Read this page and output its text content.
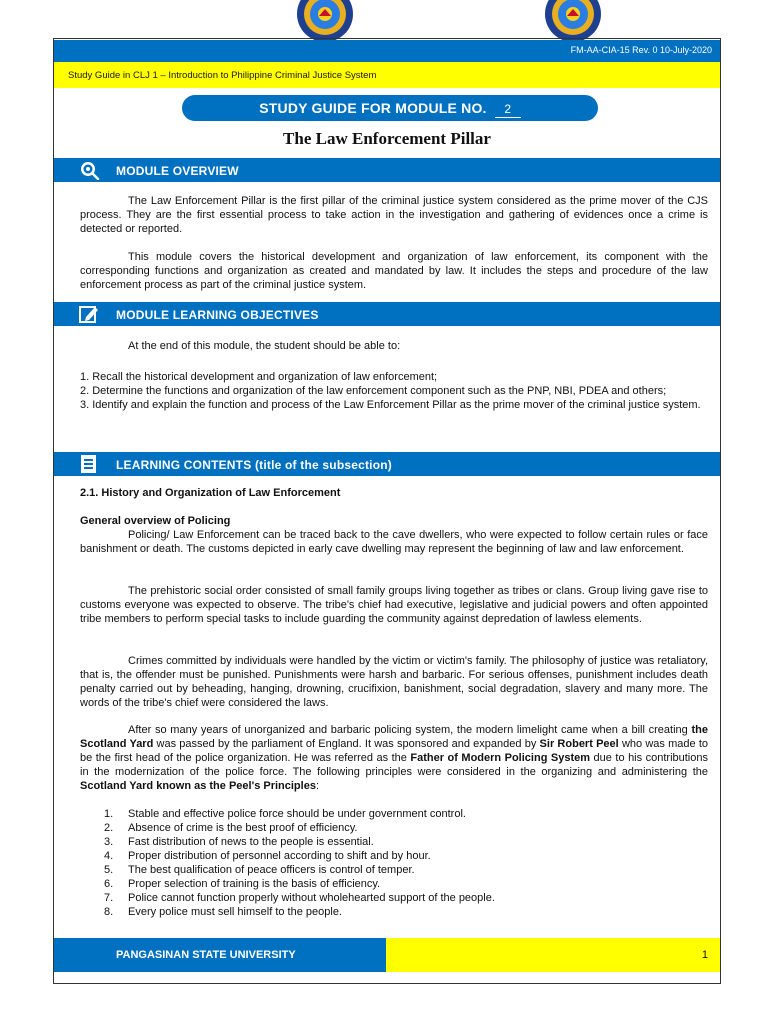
FM-AA-CIA-15 Rev. 0 10-July-2020
Study Guide in CLJ 1 – Introduction to Philippine Criminal Justice System
STUDY GUIDE FOR MODULE NO. 2
The Law Enforcement Pillar
MODULE OVERVIEW

The Law Enforcement Pillar is the first pillar of the criminal justice system considered as the prime mover of the CJS process. They are the first essential process to take action in the investigation and gathering of evidences once a crime is detected or reported.

This module covers the historical development and organization of law enforcement, its component with the corresponding functions and organization as created and mandated by law. It includes the steps and procedure of the law enforcement process as part of the criminal justice system.

MODULE LEARNING OBJECTIVES

At the end of this module, the student should be able to:

1. Recall the historical development and organization of law enforcement;
2. Determine the functions and organization of the law enforcement component such as the PNP, NBI, PDEA and others;
3. Identify and explain the function and process of the Law Enforcement Pillar as the prime mover of the criminal justice system.
LEARNING CONTENTS (title of the subsection)

2.1. History and Organization of Law Enforcement

General overview of Policing

Policing/ Law Enforcement can be traced back to the cave dwellers, who were expected to follow certain rules or face banishment or death. The customs depicted in early cave dwelling may represent the beginning of law and law enforcement.

The prehistoric social order consisted of small family groups living together as tribes or clans. Group living gave rise to customs everyone was expected to observe. The tribe's chief had executive, legislative and judicial powers and often appointed tribe members to perform special tasks to include guarding the community against depredation of lawless elements.

Crimes committed by individuals were handled by the victim or victim's family. The philosophy of justice was retaliatory, that is, the offender must be punished. Punishments were harsh and barbaric. For serious offenses, punishment includes death penalty carried out by beheading, hanging, drowning, crucifixion, banishment, social degradation, slavery and many more. The words of the tribe's chief were considered the laws.

After so many years of unorganized and barbaric policing system, the modern limelight came when a bill creating the Scotland Yard was passed by the parliament of England. It was sponsored and expanded by Sir Robert Peel who was made to be the first head of the police organization. He was referred as the Father of Modern Policing System due to his contributions in the modernization of the police force. The following principles were considered in the organizing and administering the Scotland Yard known as the Peel's Principles:

1.	Stable and effective police force should be under government control.
2.	Absence of crime is the best proof of efficiency.
3.	Fast distribution of news to the people is essential.
4.	Proper distribution of personnel according to shift and by hour.
5.	The best qualification of peace officers is control of temper.
6.	Proper selection of training is the basis of efficiency.
7.	Police cannot function properly without wholehearted support of the people.
8.	Every police must sell himself to the people.
PANGASINAN STATE UNIVERSITY	1
